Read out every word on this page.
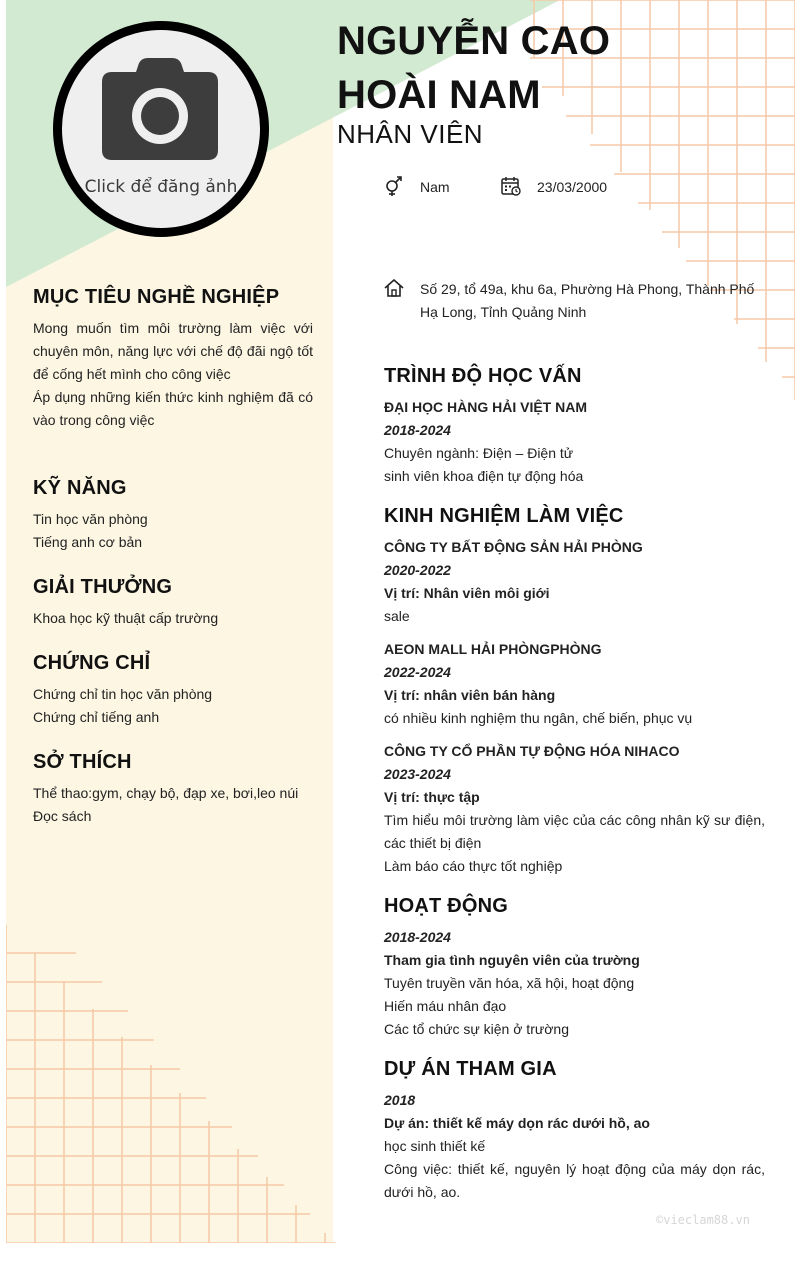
Click để đăng ảnh
NGUYỄN CAO
HOÀI NAM
NHÂN VIÊN
Nam	23/03/2000
Số 29, tổ 49a, khu 6a, Phường Hà Phong, Thành Phố Hạ Long, Tỉnh Quảng Ninh
MỤC TIÊU NGHỀ NGHIỆP

Mong muốn tìm môi trường làm việc với chuyên môn, năng lực với chế độ đãi ngộ tốt để cống hết mình cho công việc

Áp dụng những kiến thức kinh nghiệm đã có vào trong công việc

KỸ NĂNG

Tin học văn phòng

Tiếng anh cơ bản

GIẢI THƯỞNG

Khoa học kỹ thuật cấp trường

CHỨNG CHỈ

Chứng chỉ tin học văn phòng

Chứng chỉ tiếng anh

SỞ THÍCH

Thể thao:gym, chạy bộ, đạp xe, bơi,leo núi

Đọc sách

TRÌNH ĐỘ HỌC VẤN

ĐẠI HỌC HÀNG HẢI VIỆT NAM

2018-2024

Chuyên ngành: Điện – Điện tử

sinh viên khoa điện tự động hóa

KINH NGHIỆM LÀM VIỆC

CÔNG TY BẤT ĐỘNG SẢN HẢI PHÒNG

2020-2022

Vị trí: Nhân viên môi giới

sale

AEON MALL HẢI PHÒNGPHÒNG

2022-2024

Vị trí: nhân viên bán hàng

có nhiều kinh nghiệm thu ngân, chế biến, phục vụ

CÔNG TY CỔ PHẦN TỰ ĐỘNG HÓA NIHACO

2023-2024

Vị trí: thực tập

Tìm hiểu môi trường làm việc của các công nhân kỹ sư điện, các thiết bị điện

Làm báo cáo thực tốt nghiệp

HOẠT ĐỘNG

2018-2024

Tham gia tình nguyên viên của trường

Tuyên truyền văn hóa, xã hội, hoạt động

Hiến máu nhân đạo

Các tổ chức sự kiện ở trường

DỰ ÁN THAM GIA

2018

Dự án: thiết kế máy dọn rác dưới hồ, ao

học sinh thiết kế

Công việc: thiết kế, nguyên lý hoạt động của máy dọn rác, dưới hồ, ao.

©vieclam88.vn
